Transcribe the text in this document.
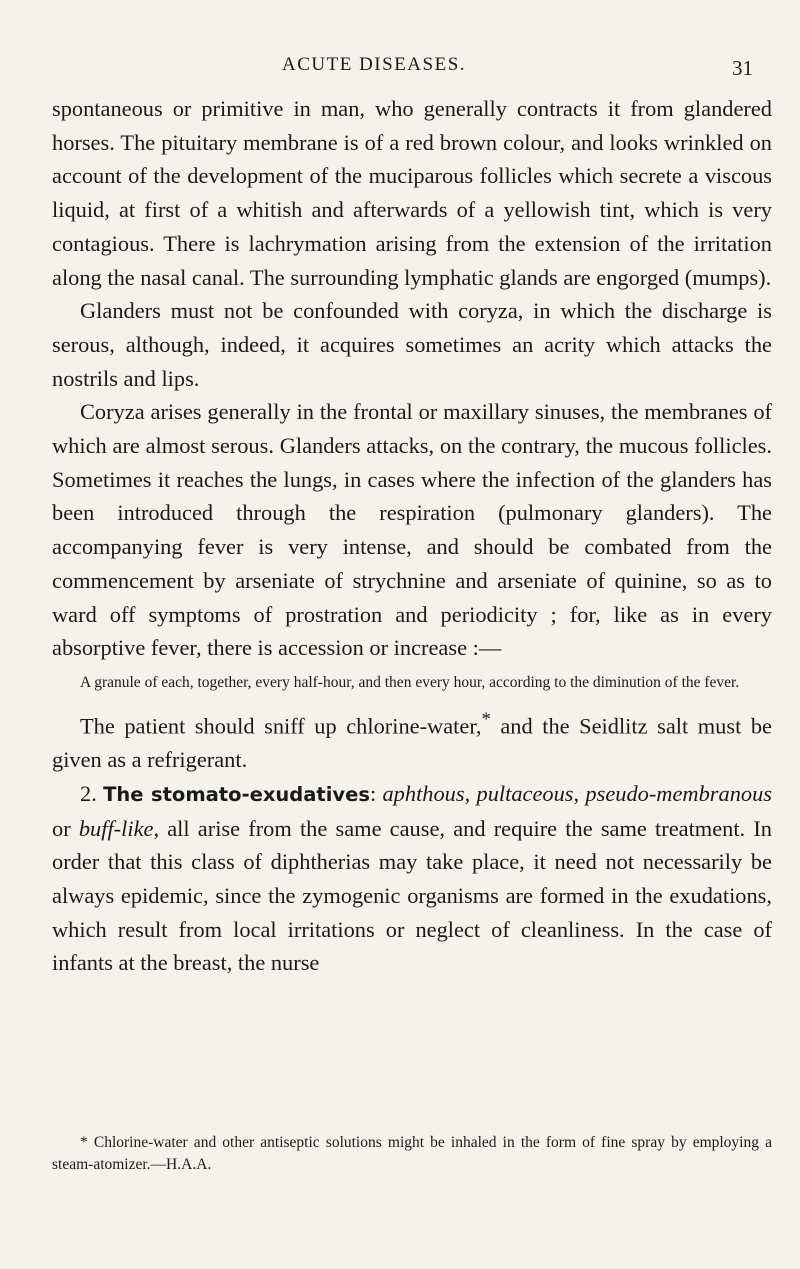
ACUTE DISEASES.	31

spontaneous or primitive in man, who generally contracts it from glandered horses. The pituitary membrane is of a red brown colour, and looks wrinkled on account of the development of the muciparous follicles which secrete a viscous liquid, at first of a whitish and afterwards of a yellowish tint, which is very contagious. There is lachrymation arising from the extension of the irritation along the nasal canal. The surrounding lymphatic glands are engorged (mumps).

Glanders must not be confounded with coryza, in which the discharge is serous, although, indeed, it acquires sometimes an acrity which attacks the nostrils and lips.

Coryza arises generally in the frontal or maxillary sinuses, the membranes of which are almost serous. Glanders attacks, on the contrary, the mucous follicles. Sometimes it reaches the lungs, in cases where the infection of the glanders has been introduced through the respiration (pulmonary glanders). The accompanying fever is very intense, and should be combated from the commencement by arseniate of strychnine and arseniate of quinine, so as to ward off symptoms of prostration and periodicity ; for, like as in every absorptive fever, there is accession or increase :—

A granule of each, together, every half-hour, and then every hour, according to the diminution of the fever.

The patient should sniff up chlorine-water,* and the Seidlitz salt must be given as a refrigerant.

2. The stomato-exudatives: aphthous, pultaceous, pseudo-membranous or buff-like, all arise from the same cause, and require the same treatment. In order that this class of diphtherias may take place, it need not necessarily be always epidemic, since the zymogenic organisms are formed in the exudations, which result from local irritations or neglect of cleanliness. In the case of infants at the breast, the nurse

* Chlorine-water and other antiseptic solutions might be inhaled in the form of fine spray by employing a steam-atomizer.—H.A.A.
